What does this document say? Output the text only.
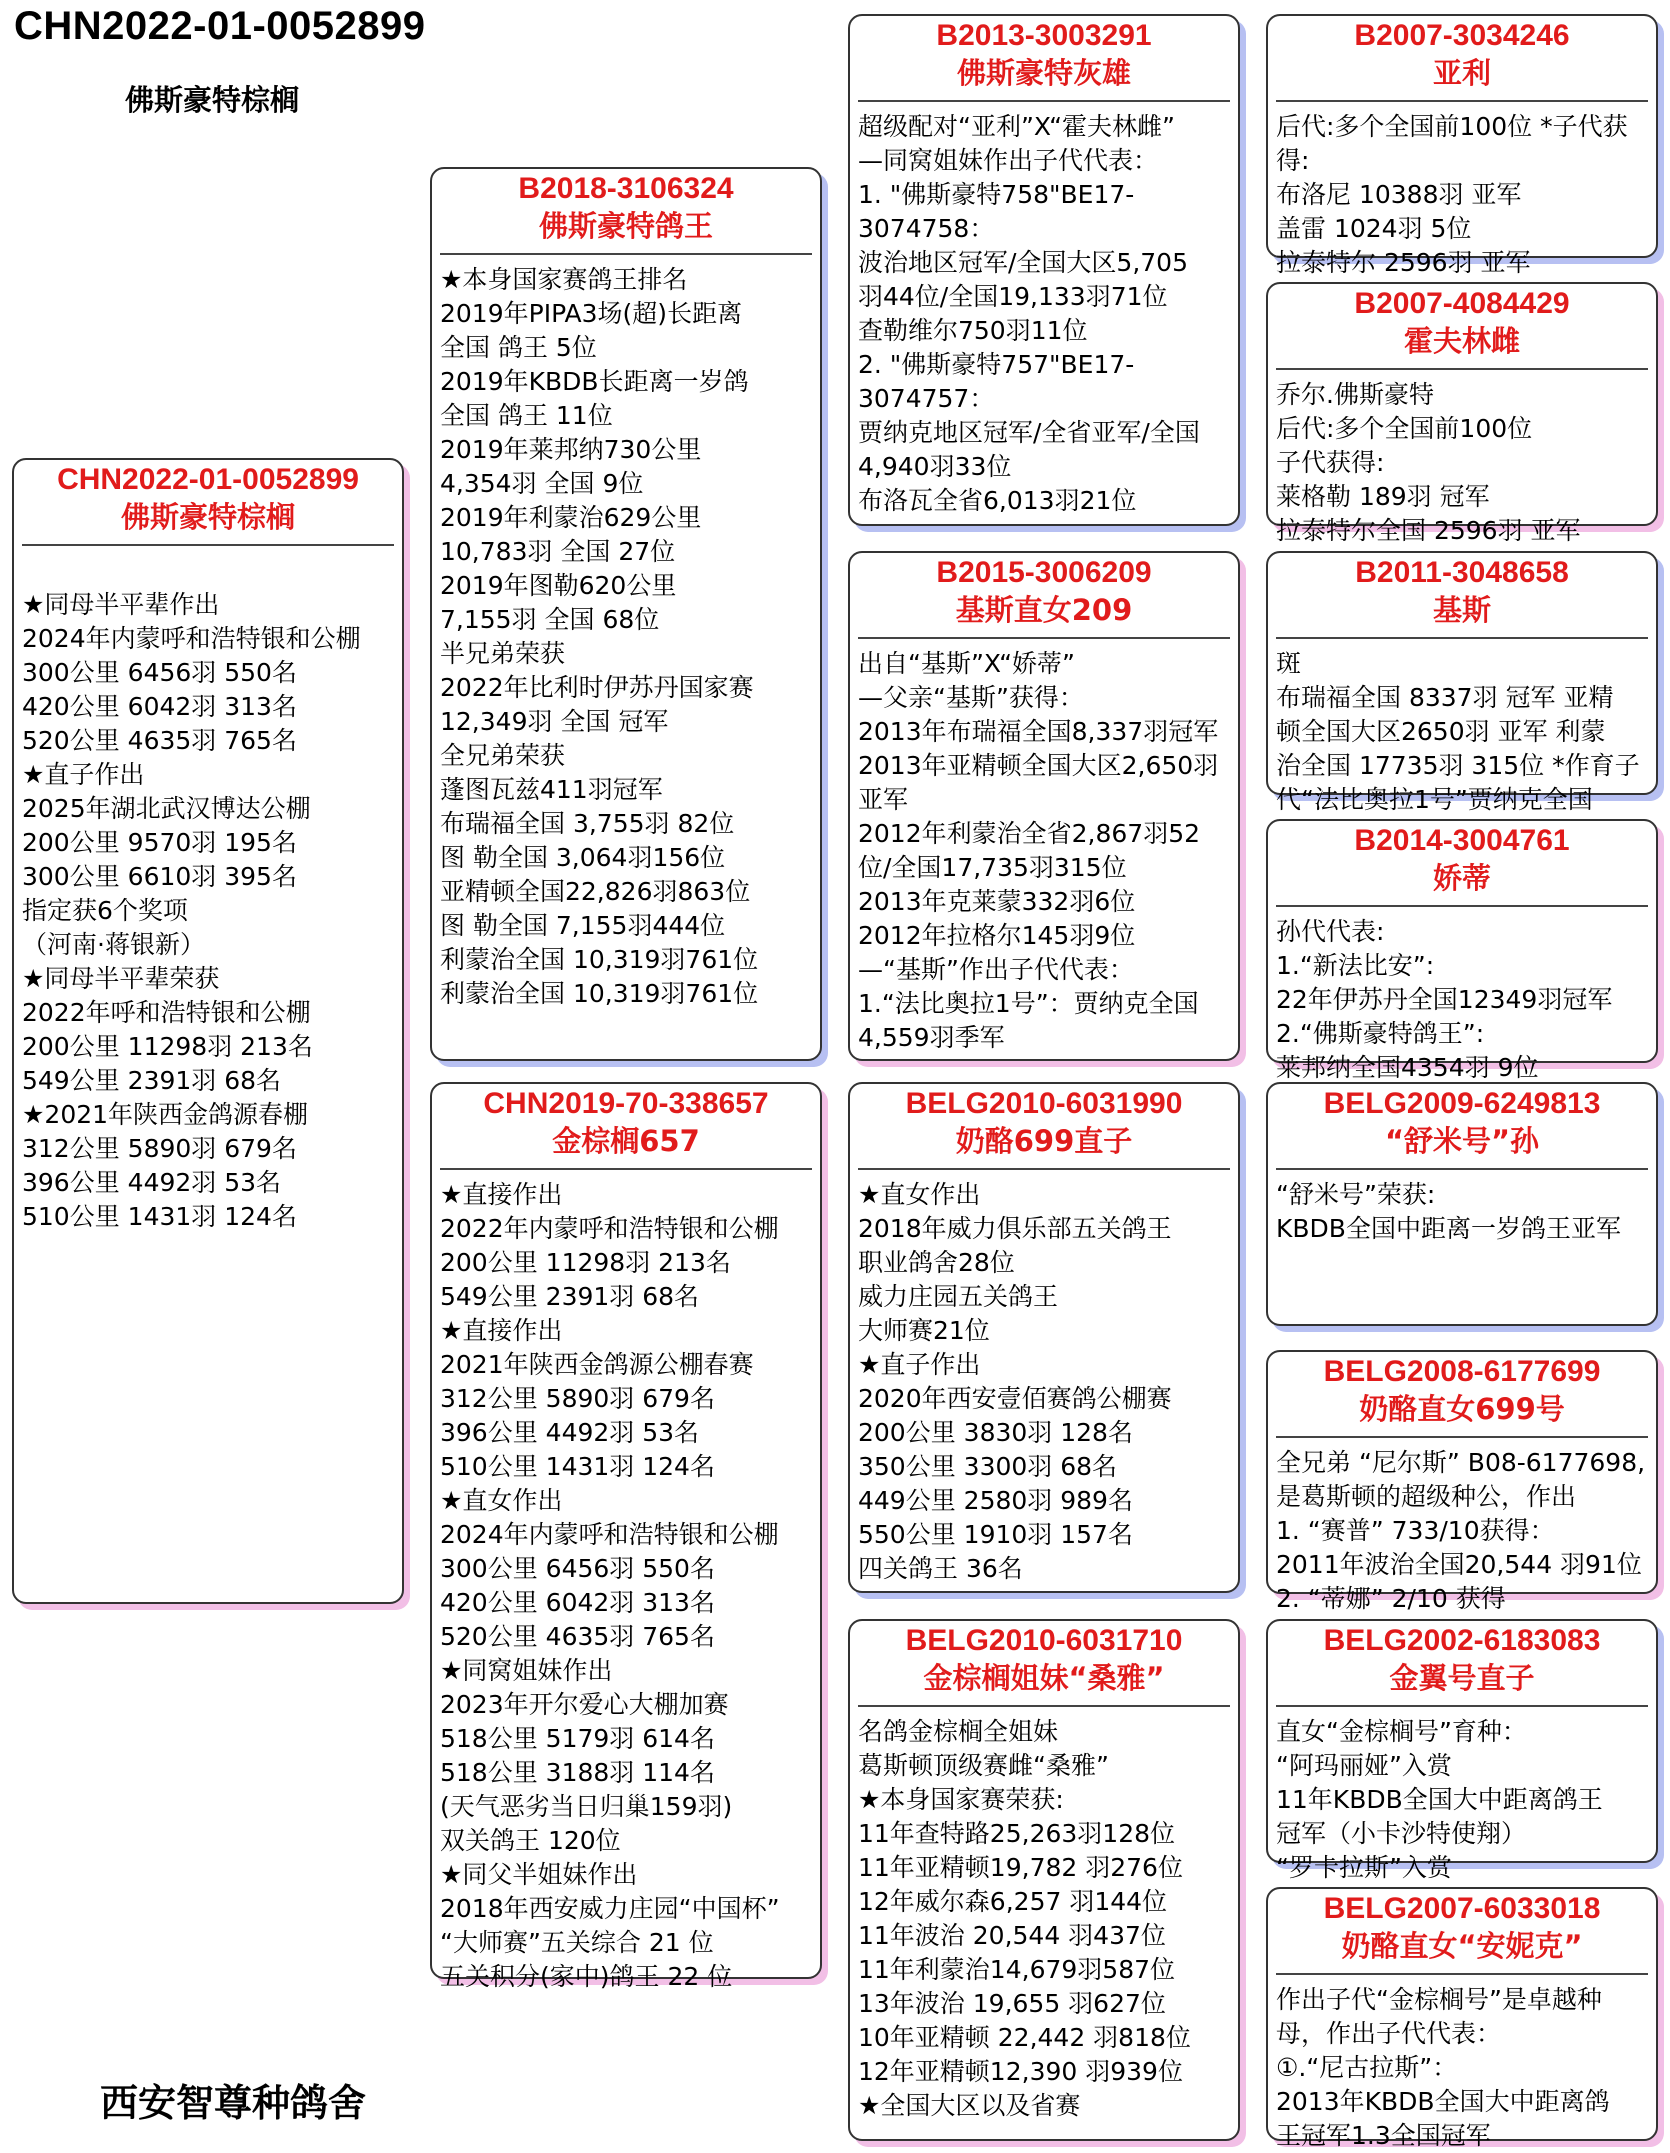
CHN2022-01-0052899
佛斯豪特棕榈
CHN2022-01-0052899
佛斯豪特棕榈

★同母半平辈作出
2024年内蒙呼和浩特银和公棚
300公里 6456羽 550名
420公里 6042羽 313名
520公里 4635羽 765名
★直子作出
2025年湖北武汉博达公棚
200公里 9570羽 195名
300公里 6610羽 395名
指定获6个奖项
（河南·蒋银新）
★同母半平辈荣获
2022年呼和浩特银和公棚
200公里 11298羽 213名
549公里 2391羽 68名
★2021年陕西金鸽源春棚
312公里 5890羽 679名
396公里 4492羽 53名
510公里 1431羽 124名
B2018-3106324
佛斯豪特鸽王
★本身国家赛鸽王排名
2019年PIPA3场(超)长距离
全国 鸽王 5位
2019年KBDB长距离一岁鸽
全国 鸽王 11位
2019年莱邦纳730公里
4,354羽 全国 9位
2019年利蒙治629公里
10,783羽 全国 27位
2019年图勒620公里
7,155羽 全国 68位
半兄弟荣获
2022年比利时伊苏丹国家赛
12,349羽 全国 冠军
全兄弟荣获
蓬图瓦兹411羽冠军
布瑞福全国 3,755羽 82位
图 勒全国 3,064羽156位
亚精顿全国22,826羽863位
图 勒全国 7,155羽444位
利蒙治全国 10,319羽761位
利蒙治全国 10,319羽761位
CHN2019-70-338657
金棕榈657
★直接作出
2022年内蒙呼和浩特银和公棚
200公里 11298羽 213名
549公里 2391羽 68名
★直接作出
2021年陕西金鸽源公棚春赛
312公里 5890羽 679名
396公里 4492羽 53名
510公里 1431羽 124名
★直女作出
2024年内蒙呼和浩特银和公棚
300公里 6456羽 550名
420公里 6042羽 313名
520公里 4635羽 765名
★同窝姐妹作出
2023年开尔爱心大棚加赛
518公里 5179羽 614名
518公里 3188羽 114名
(天气恶劣当日归巢159羽)
双关鸽王 120位
★同父半姐妹作出
2018年西安威力庄园“中国杯”
“大师赛”五关综合 21 位
五关积分(家中)鸽王 22 位
B2013-3003291
佛斯豪特灰雄
超级配对“亚利”X“霍夫林雌”
—同窝姐妹作出子代代表：
1. "佛斯豪特758"BE17-
3074758：
波治地区冠军/全国大区5,705
羽44位/全国19,133羽71位
查勒维尔750羽11位
2. "佛斯豪特757"BE17-
3074757：
贾纳克地区冠军/全省亚军/全国
4,940羽33位
布洛瓦全省6,013羽21位
B2015-3006209
基斯直女209
出自“基斯”X“娇蒂”
—父亲“基斯”获得：
2013年布瑞福全国8,337羽冠军
2013年亚精顿全国大区2,650羽
亚军
2012年利蒙治全省2,867羽52
位/全国17,735羽315位
2013年克莱蒙332羽6位
2012年拉格尔145羽9位
—“基斯”作出子代代表：
1.“法比奥拉1号”：贾纳克全国
4,559羽季军
BELG2010-6031990
奶酪699直子
★直女作出
2018年威力俱乐部五关鸽王
职业鸽舍28位
威力庄园五关鸽王
大师赛21位
★直子作出
2020年西安壹佰赛鸽公棚赛
200公里 3830羽 128名
350公里 3300羽 68名
449公里 2580羽 989名
550公里 1910羽 157名
四关鸽王 36名
BELG2010-6031710
金棕榈姐妹“桑雅”
名鸽金棕榈全姐妹
葛斯顿顶级赛雌“桑雅”
★本身国家赛荣获:
11年查特路25,263羽128位
11年亚精顿19,782 羽276位
12年威尔森6,257 羽144位
11年波治 20,544 羽437位
11年利蒙治14,679羽587位
13年波治 19,655 羽627位
10年亚精顿 22,442 羽818位
12年亚精顿12,390 羽939位
★全国大区以及省赛
B2007-3034246
亚利
后代:多个全国前100位 *子代获
得:
布洛尼 10388羽 亚军
盖雷 1024羽 5位
拉泰特尔 2596羽 亚军
B2007-4084429
霍夫林雌
乔尔.佛斯豪特
后代:多个全国前100位
子代获得:
莱格勒 189羽 冠军
拉泰特尔全国 2596羽 亚军
B2011-3048658
基斯
斑
布瑞福全国 8337羽 冠军 亚精
顿全国大区2650羽 亚军 利蒙
治全国 17735羽 315位 *作育子
代“法比奥拉1号”贾纳克全国
B2014-3004761
娇蒂
孙代代表:
1.“新法比安”:
22年伊苏丹全国12349羽冠军
2.“佛斯豪特鸽王”:
莱邦纳全国4354羽 9位
BELG2009-6249813
“舒米号”孙
“舒米号”荣获:
KBDB全国中距离一岁鸽王亚军
BELG2008-6177699
奶酪直女699号
全兄弟 “尼尔斯” B08-6177698,
是葛斯顿的超级种公，作出
1. “赛普” 733/10获得：
2011年波治全国20,544 羽91位
2. “蒂娜” 2/10 获得
BELG2002-6183083
金翼号直子
直女“金棕榈号”育种：
“阿玛丽娅”入赏
11年KBDB全国大中距离鸽王
冠军（小卡沙特使翔）
“罗卡拉斯”入赏
BELG2007-6033018
奶酪直女“安妮克”
作出子代“金棕榈号”是卓越种
母，作出子代代表：
①.“尼古拉斯”：
2013年KBDB全国大中距离鸽
王冠军1.3全国冠军
西安智尊种鸽舍
